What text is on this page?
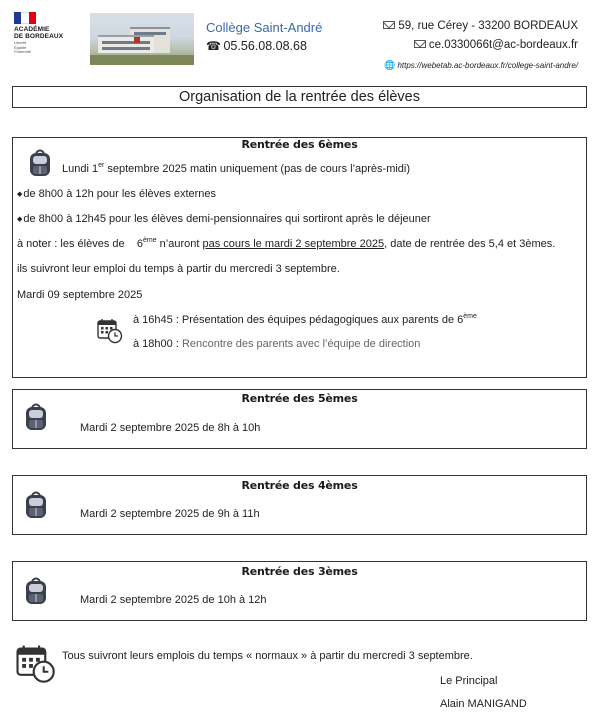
ACADÉMIE
DE BORDEAUX
Liberté
Égalité
Fraternité
Collège Saint-André
☎ 05.56.08.08.68
59, rue Cérey - 33200 BORDEAUX
ce.0330066t@ac-bordeaux.fr
🌐 https://webetab.ac-bordeaux.fr/college-saint-andre/
Organisation de la rentrée des élèves
Rentrée des 6èmes
Lundi 1er septembre 2025 matin uniquement (pas de cours l’après-midi)
◆de 8h00 à 12h pour les élèves externes
◆de 8h00 à 12h45 pour les élèves demi-pensionnaires qui sortiront après le déjeuner
à noter : les élèves de 6ème n’auront pas cours le mardi 2 septembre 2025, date de rentrée des 5,4 et 3èmes.
ils suivront leur emploi du temps à partir du mercredi 3 septembre.
Mardi 09 septembre 2025
à 16h45 : Présentation des équipes pédagogiques aux parents de 6ème
à 18h00 : Rencontre des parents avec l’équipe de direction
Rentrée des 5èmes
Mardi 2 septembre 2025 de 8h à 10h
Rentrée des 4èmes
Mardi 2 septembre 2025 de 9h à 11h
Rentrée des 3èmes
Mardi 2 septembre 2025 de 10h à 12h
Tous suivront leurs emplois du temps « normaux » à partir du mercredi 3 septembre.
Le Principal
Alain MANIGAND
